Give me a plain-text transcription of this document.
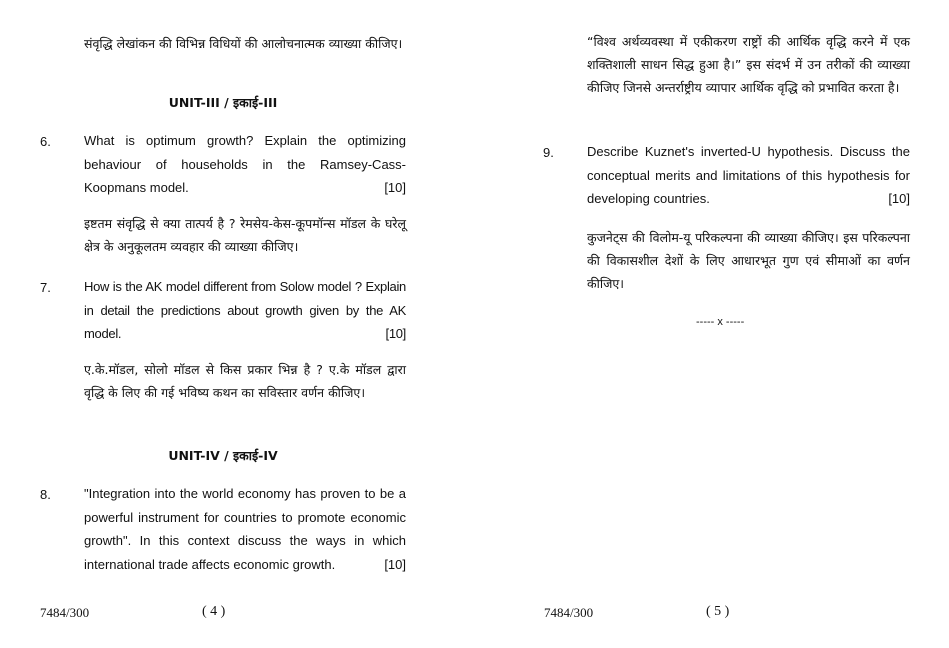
संवृद्धि लेखांकन की विभिन्न विधियों की आलोचनात्मक व्याख्या कीजिए।
UNIT-III / इकाई-III
6.	What is optimum growth? Explain the optimizing behaviour of households in the Ramsey-Cass-Koopmans model.	[10]
इष्टतम संवृद्धि से क्या तात्पर्य है ? रेमसेय-केस-कूपमॉन्स मॉडल के घरेलू क्षेत्र के अनुकूलतम व्यवहार की व्याख्या कीजिए।
7.	How is the AK model different from Solow model ? Explain in detail the predictions about growth given by the AK model.	[10]
ए.के.मॉडल, सोलो मॉडल से किस प्रकार भिन्न है ? ए.के मॉडल द्वारा वृद्धि के लिए की गई भविष्य कथन का सविस्तार वर्णन कीजिए।
UNIT-IV / इकाई-IV
8.	"Integration into the world economy has proven to be a powerful instrument for countries to promote economic growth". In this context discuss the ways in which international trade affects economic growth.	[10]
7484/300	( 4 )
“विश्व अर्थव्यवस्था में एकीकरण राष्ट्रों की आर्थिक वृद्धि करने में एक शक्तिशाली साधन सिद्ध हुआ है।” इस संदर्भ में उन तरीकों की व्याख्या कीजिए जिनसे अन्तर्राष्ट्रीय व्यापार आर्थिक वृद्धि को प्रभावित करता है।
9.	Describe Kuznet's inverted-U hypothesis. Discuss the conceptual merits and limitations of this hypothesis for developing countries.	[10]
कुजनेट्स की विलोम-यू परिकल्पना की व्याख्या कीजिए। इस परिकल्पना की विकासशील देशों के लिए आधारभूत गुण एवं सीमाओं का वर्णन कीजिए।
----- x -----
7484/300	( 5 )
